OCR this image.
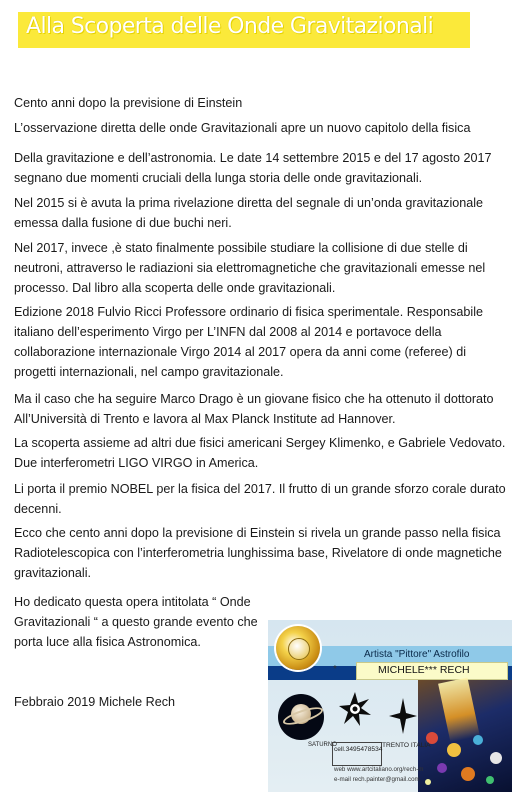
Alla Scoperta delle Onde Gravitazionali

Cento anni dopo la previsione di Einstein

L’osservazione diretta delle onde Gravitazionali apre un nuovo capitolo della fisica

Della gravitazione e dell’astronomia. Le date 14 settembre 2015 e del 17 agosto 2017 segnano due momenti cruciali della lunga storia delle onde gravitazionali.

Nel 2015 si è avuta la prima rivelazione diretta del segnale di un’onda gravitazionale emessa dalla fusione di due buchi neri.

Nel 2017, invece ,è stato finalmente possibile studiare la collisione di due stelle di neutroni, attraverso le radiazioni sia elettromagnetiche che gravitazionali emesse nel processo. Dal libro alla scoperta delle onde gravitazionali.

Edizione 2018 Fulvio Ricci Professore ordinario di fisica sperimentale. Responsabile italiano dell’esperimento Virgo per L’INFN dal 2008 al 2014 e portavoce della collaborazione internazionale Virgo 2014 al 2017 opera da anni come (referee) di progetti internazionali, nel campo gravitazionale.

Ma il caso che ha seguire Marco Drago è un giovane fisico che ha ottenuto il dottorato All’Università di Trento e lavora al Max Planck Institute ad Hannover.

La scoperta assieme ad altri due fisici americani Sergey Klimenko, e Gabriele Vedovato. Due interferometri LIGO VIRGO in America.

Li porta il premio NOBEL per la fisica del 2017. Il frutto di un grande sforzo corale durato decenni.

Ecco che cento anni dopo la previsione di Einstein si rivela un grande passo nella fisica Radiotelescopica con l’interferometria lunghissima base, Rivelatore di onde magnetiche gravitazionali.

Ho dedicato questa opera intitolata “ Onde Gravitazionali “ a questo grande evento che porta luce alla fisica Astronomica.

Febbraio 2019 Michele Rech

Artista "Pittore" Astrofilo
*	MICHELE*** RECH
SATURNO
cell.3495478534
TRENTO ITALIA
web www.artcitaliano.org/rech-m
e-mail rech.painter@gmail.com
